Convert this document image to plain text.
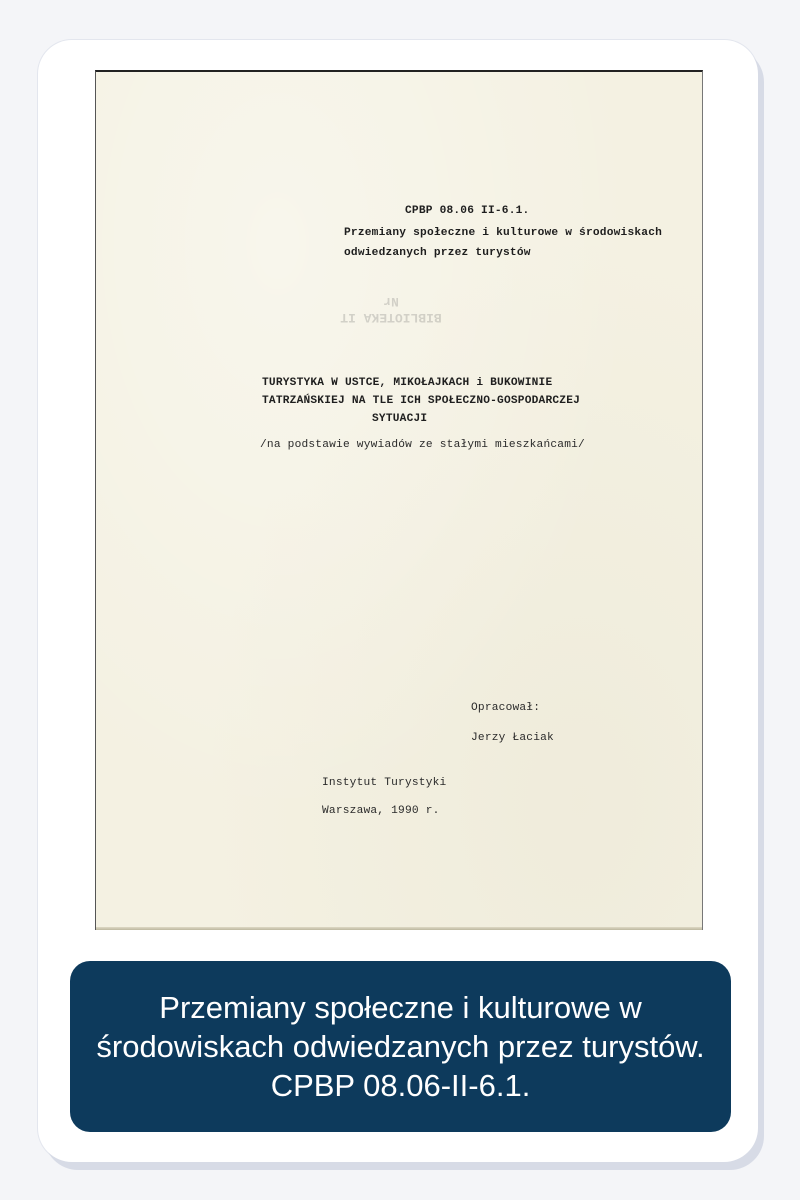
CPBP 08.06 II-6.1.
Przemiany społeczne i kulturowe w środowiskach
odwiedzanych przez turystów
BIBLIOTEKA IT
Nr
TURYSTYKA W USTCE, MIKOŁAJKACH i BUKOWINIE
TATRZAŃSKIEJ NA TLE ICH SPOŁECZNO-GOSPODARCZEJ
SYTUACJI
/na podstawie wywiadów ze stałymi mieszkańcami/
Opracował:
Jerzy Łaciak
Instytut Turystyki
Warszawa, 1990 r.

Przemiany społeczne i kulturowe w środowiskach odwiedzanych przez turystów. CPBP 08.06-II-6.1.
